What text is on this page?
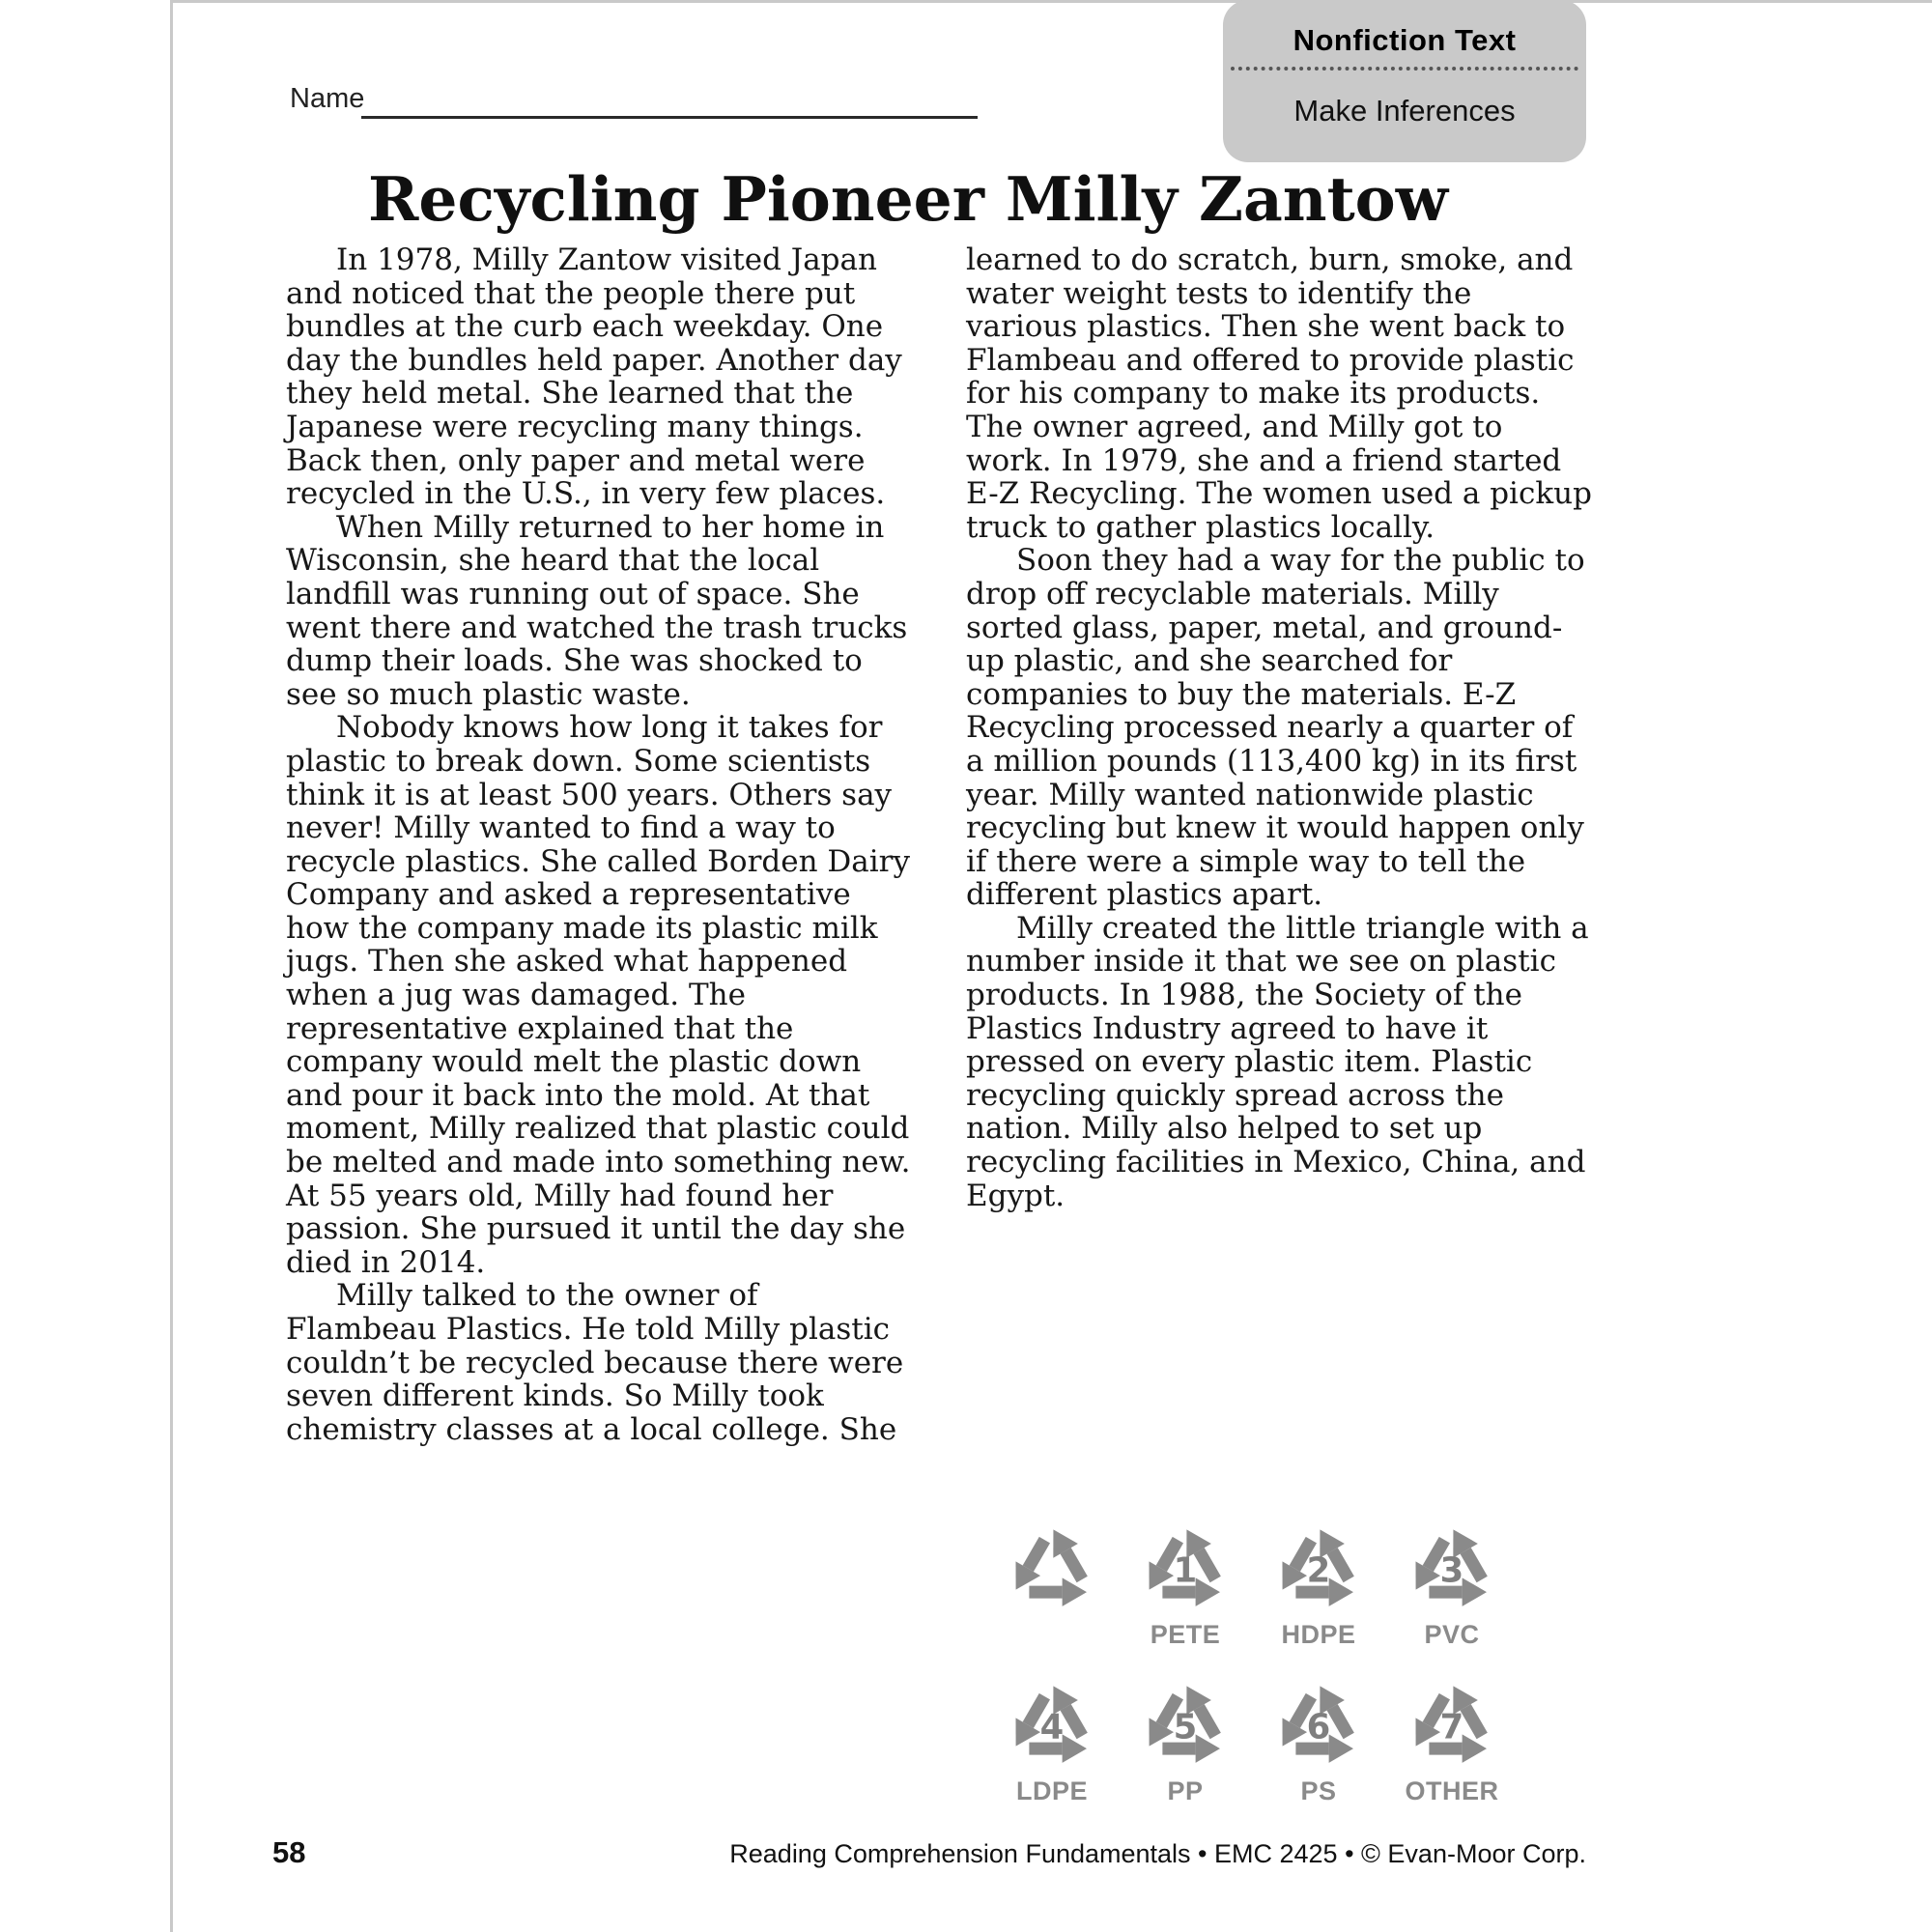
Nonfiction Text
Make Inferences
Name
Recycling Pioneer Milly Zantow

In 1978, Milly Zantow visited Japan and noticed that the people there put bundles at the curb each weekday. One day the bundles held paper. Another day they held metal. She learned that the Japanese were recycling many things. Back then, only paper and metal were recycled in the U.S., in very few places.

When Milly returned to her home in Wisconsin, she heard that the local landfill was running out of space. She went there and watched the trash trucks dump their loads. She was shocked to see so much plastic waste.

Nobody knows how long it takes for plastic to break down. Some scientists think it is at least 500 years. Others say never! Milly wanted to find a way to recycle plastics. She called Borden Dairy Company and asked a representative how the company made its plastic milk jugs. Then she asked what happened when a jug was damaged. The representative explained that the company would melt the plastic down and pour it back into the mold. At that moment, Milly realized that plastic could be melted and made into something new. At 55 years old, Milly had found her passion. She pursued it until the day she died in 2014.

Milly talked to the owner of Flambeau Plastics. He told Milly plastic couldn’t be recycled because there were seven different kinds. So Milly took chemistry classes at a local college. She

learned to do scratch, burn, smoke, and water weight tests to identify the various plastics. Then she went back to Flambeau and offered to provide plastic for his company to make its products. The owner agreed, and Milly got to work. In 1979, she and a friend started E-Z Recycling. The women used a pickup truck to gather plastics locally.

Soon they had a way for the public to drop off recyclable materials. Milly sorted glass, paper, metal, and ground-up plastic, and she searched for companies to buy the materials. E-Z Recycling processed nearly a quarter of a million pounds (113,400 kg) in its first year. Milly wanted nationwide plastic recycling but knew it would happen only if there were a simple way to tell the different plastics apart.

Milly created the little triangle with a number inside it that we see on plastic products. In 1988, the Society of the Plastics Industry agreed to have it pressed on every plastic item. Plastic recycling quickly spread across the nation. Milly also helped to set up recycling facilities in Mexico, China, and Egypt.

1
PETE
2
HDPE
3
PVC
4
LDPE
5
PP
6
PS
7
OTHER
58	Reading Comprehension Fundamentals • EMC 2425 • © Evan-Moor Corp.
